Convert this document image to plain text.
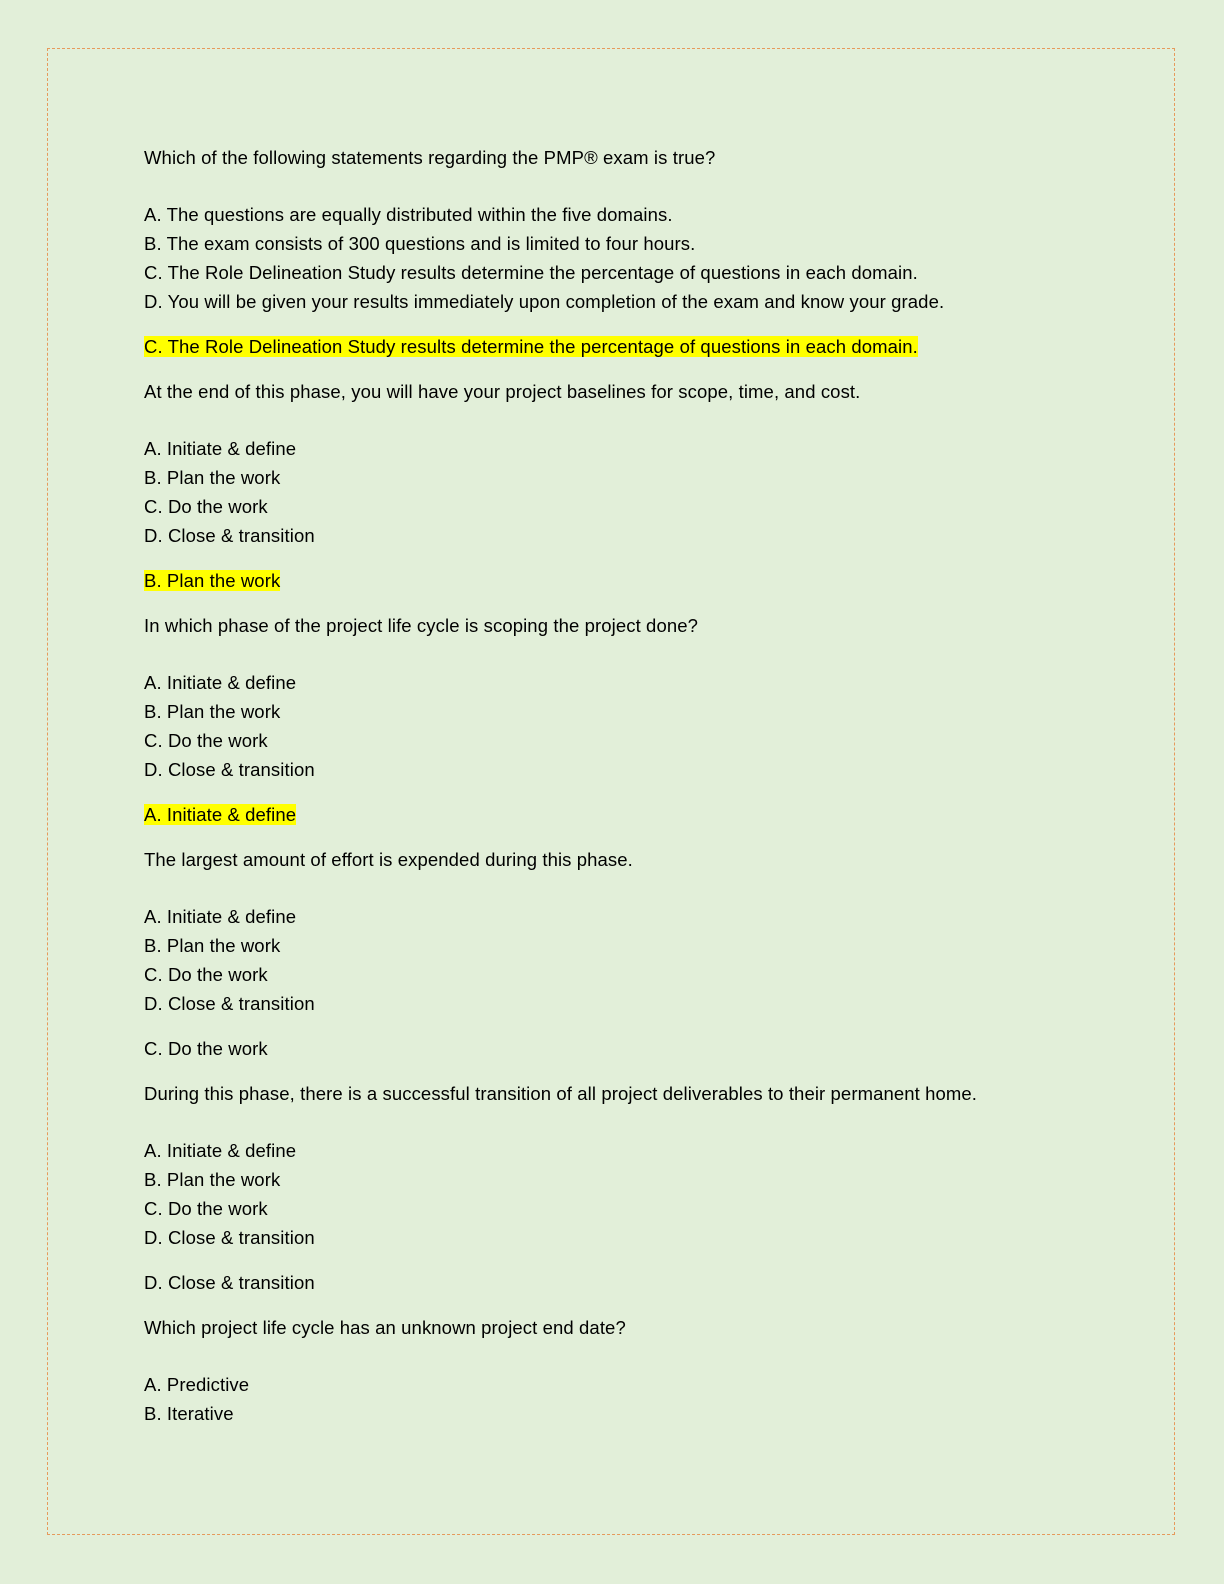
Which of the following statements regarding the PMP® exam is true?
A. The questions are equally distributed within the five domains.
B. The exam consists of 300 questions and is limited to four hours.
C. The Role Delineation Study results determine the percentage of questions in each domain.
D. You will be given your results immediately upon completion of the exam and know your grade.
C. The Role Delineation Study results determine the percentage of questions in each domain.
At the end of this phase, you will have your project baselines for scope, time, and cost.
A. Initiate & define
B. Plan the work
C. Do the work
D. Close & transition
B. Plan the work
In which phase of the project life cycle is scoping the project done?
A. Initiate & define
B. Plan the work
C. Do the work
D. Close & transition
A. Initiate & define
The largest amount of effort is expended during this phase.
A. Initiate & define
B. Plan the work
C. Do the work
D. Close & transition
C. Do the work
During this phase, there is a successful transition of all project deliverables to their permanent home.
A. Initiate & define
B. Plan the work
C. Do the work
D. Close & transition
D. Close & transition
Which project life cycle has an unknown project end date?
A. Predictive
B. Iterative
